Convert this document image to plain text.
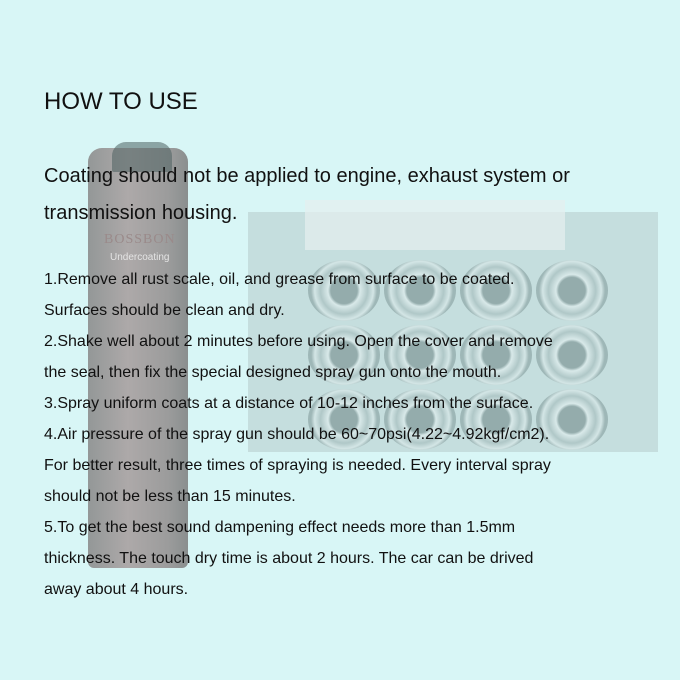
BOSSBON
Undercoating
HOW TO USE
Coating should not be applied to engine, exhaust system or
transmission housing.
1.Remove all rust scale, oil, and grease from surface to be coated.
Surfaces should be clean and dry.
2.Shake well about 2 minutes before using. Open the cover and remove
the seal, then fix the special designed spray gun onto the mouth.
3.Spray uniform coats at a distance of 10-12 inches from the surface.
4.Air pressure of the spray gun should be 60~70psi(4.22~4.92kgf/cm2).
For better result, three times of spraying is needed. Every interval spray
should not be less than 15 minutes.
5.To get the best sound dampening effect needs more than 1.5mm
thickness. The touch dry time is about 2 hours. The car can be drived
away about 4 hours.
